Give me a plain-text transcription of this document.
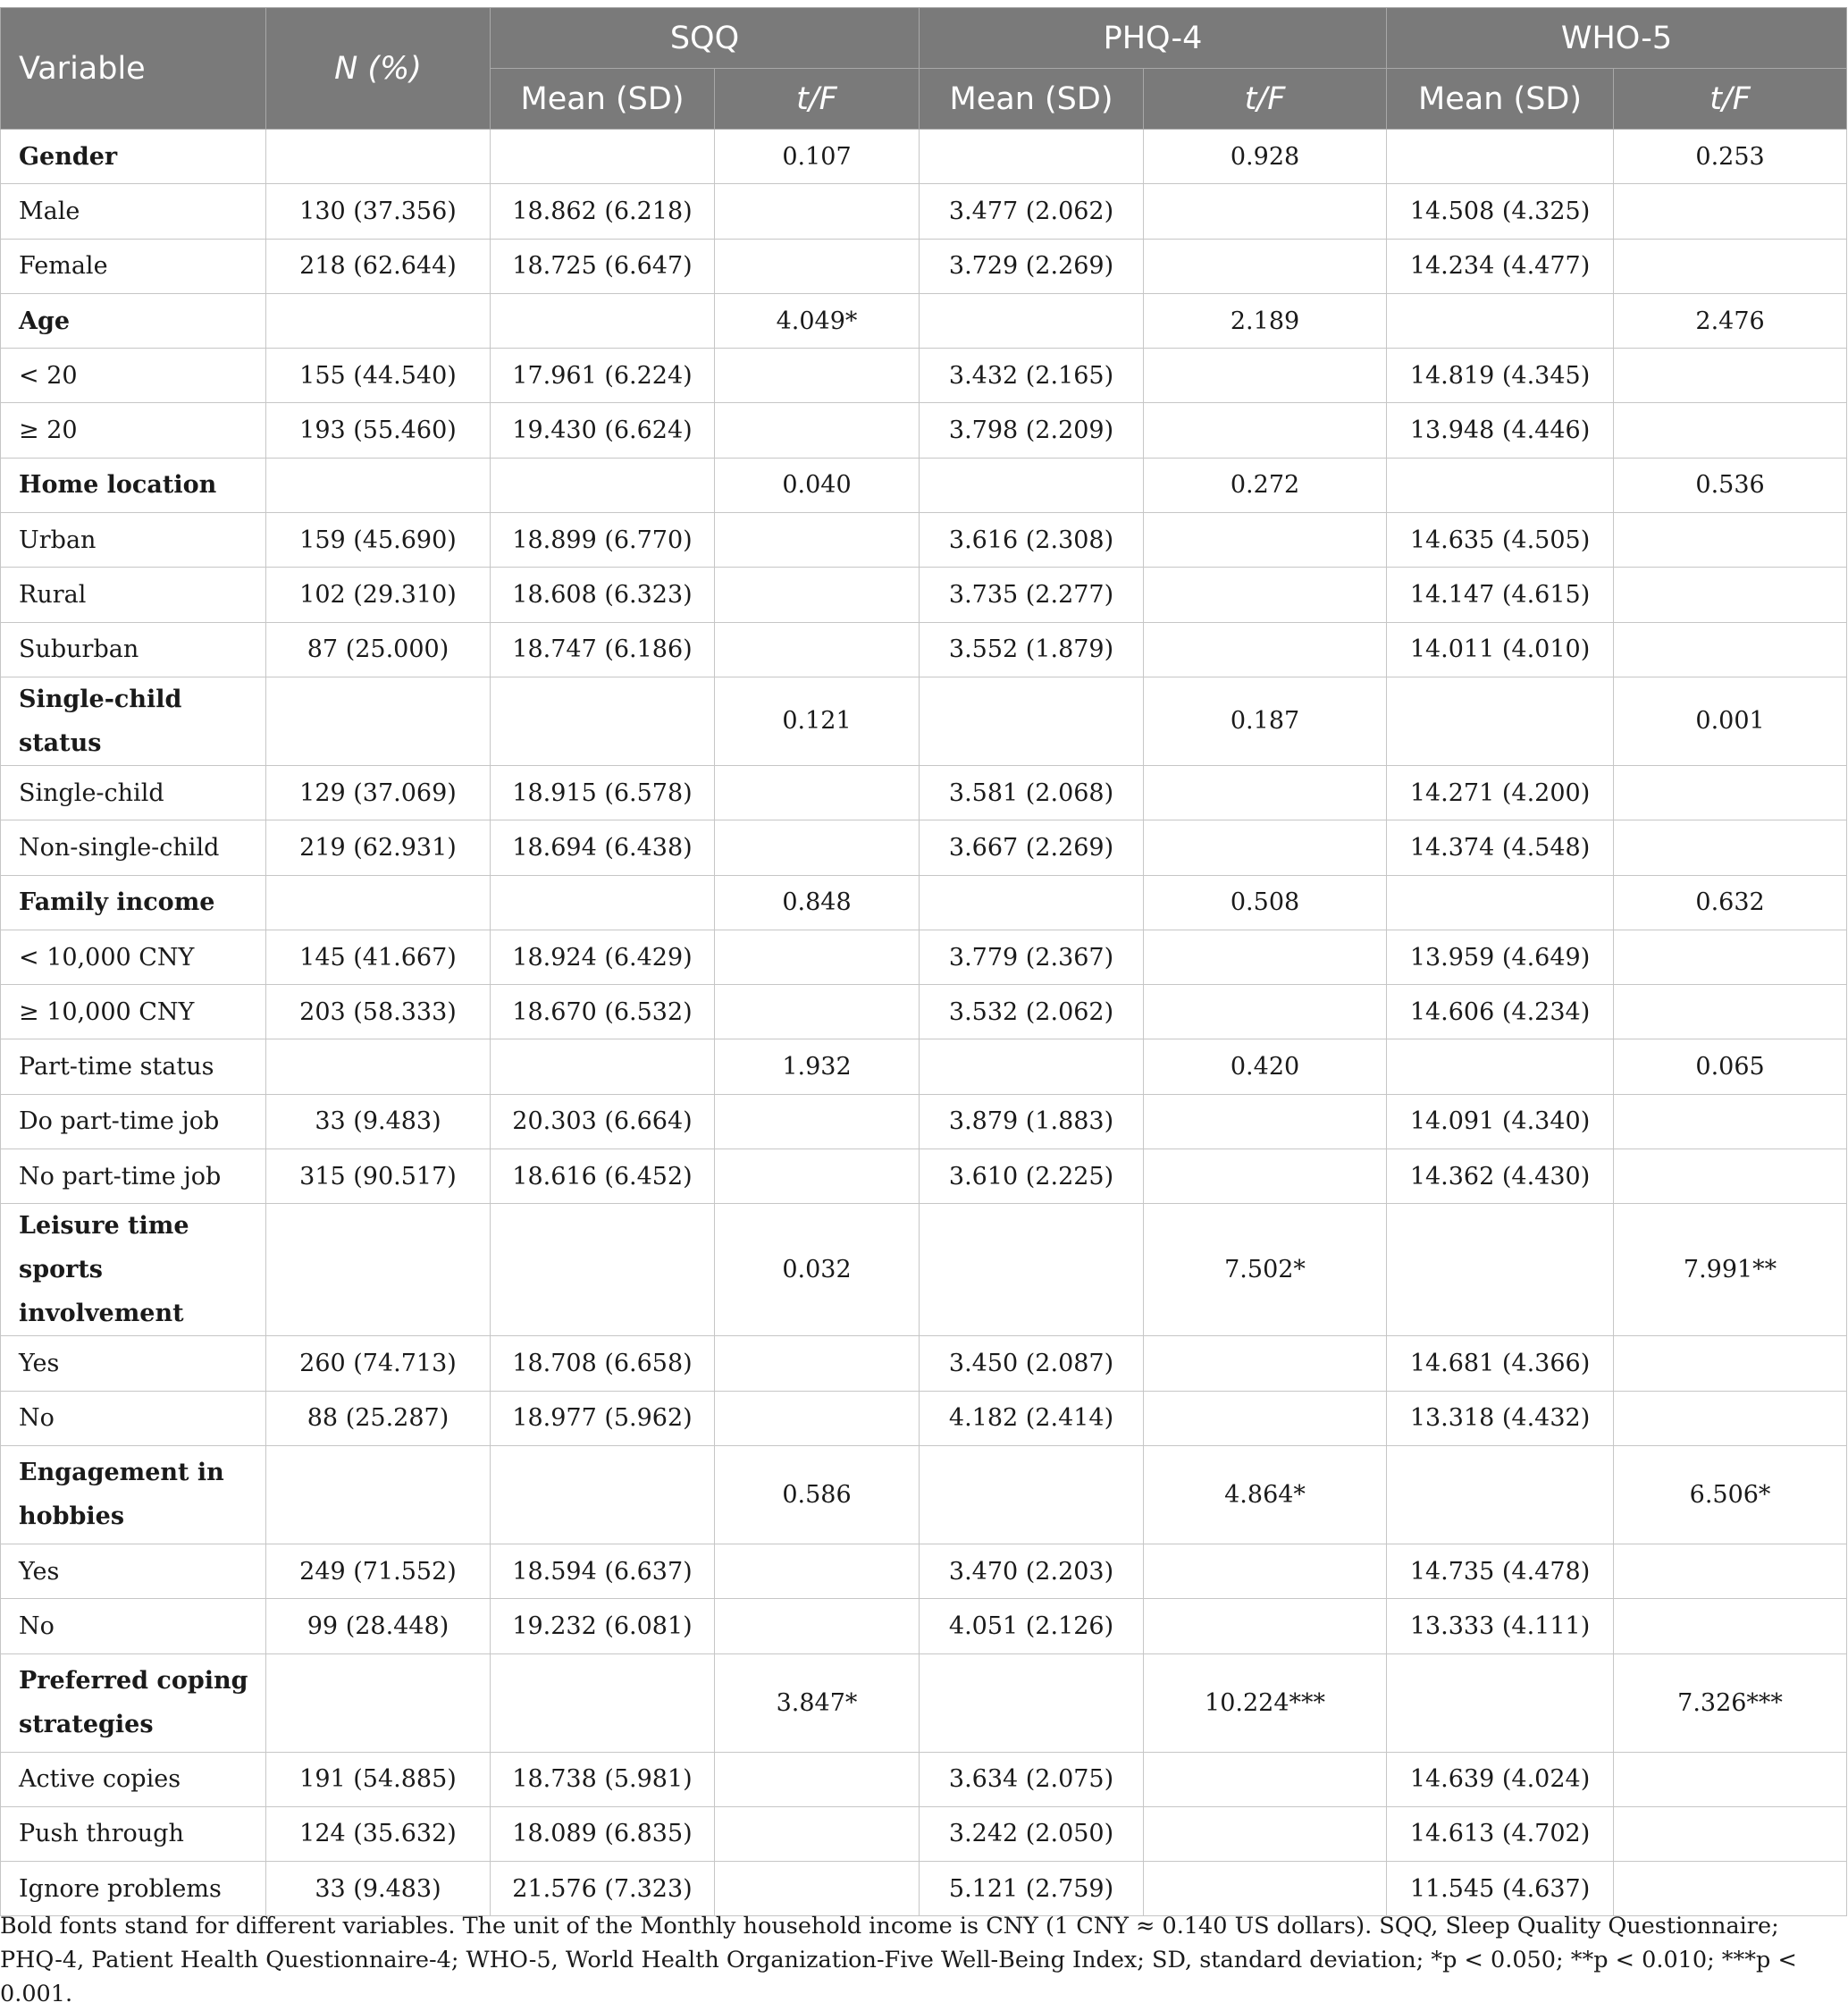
Variable	N (%)	SQQ		PHQ-4		WHO-5	
		Mean (SD)	t/F	Mean (SD)	t/F	Mean (SD)	t/F
Gender			0.107		0.928		0.253
Male	130 (37.356)	18.862 (6.218)		3.477 (2.062)		14.508 (4.325)	
Female	218 (62.644)	18.725 (6.647)		3.729 (2.269)		14.234 (4.477)	
Age			4.049*		2.189		2.476
< 20	155 (44.540)	17.961 (6.224)		3.432 (2.165)		14.819 (4.345)	
≥ 20	193 (55.460)	19.430 (6.624)		3.798 (2.209)		13.948 (4.446)	
Home location			0.040		0.272		0.536
Urban	159 (45.690)	18.899 (6.770)		3.616 (2.308)		14.635 (4.505)	
Rural	102 (29.310)	18.608 (6.323)		3.735 (2.277)		14.147 (4.615)	
Suburban	87 (25.000)	18.747 (6.186)		3.552 (1.879)		14.011 (4.010)	
Single-child status			0.121		0.187		0.001
Single-child	129 (37.069)	18.915 (6.578)		3.581 (2.068)		14.271 (4.200)	
Non-single-child	219 (62.931)	18.694 (6.438)		3.667 (2.269)		14.374 (4.548)	
Family income			0.848		0.508		0.632
< 10,000 CNY	145 (41.667)	18.924 (6.429)		3.779 (2.367)		13.959 (4.649)	
≥ 10,000 CNY	203 (58.333)	18.670 (6.532)		3.532 (2.062)		14.606 (4.234)	
Part-time status			1.932		0.420		0.065
Do part-time job	33 (9.483)	20.303 (6.664)		3.879 (1.883)		14.091 (4.340)	
No part-time job	315 (90.517)	18.616 (6.452)		3.610 (2.225)		14.362 (4.430)	
Leisure time sports involvement			0.032		7.502*		7.991**
Yes	260 (74.713)	18.708 (6.658)		3.450 (2.087)		14.681 (4.366)	
No	88 (25.287)	18.977 (5.962)		4.182 (2.414)		13.318 (4.432)	
Engagement in hobbies			0.586		4.864*		6.506*
Yes	249 (71.552)	18.594 (6.637)		3.470 (2.203)		14.735 (4.478)	
No	99 (28.448)	19.232 (6.081)		4.051 (2.126)		13.333 (4.111)	
Preferred coping strategies			3.847*		10.224***		7.326***
Active copies	191 (54.885)	18.738 (5.981)		3.634 (2.075)		14.639 (4.024)	
Push through	124 (35.632)	18.089 (6.835)		3.242 (2.050)		14.613 (4.702)	
Ignore problems	33 (9.483)	21.576 (7.323)		5.121 (2.759)		11.545 (4.637)	
Bold fonts stand for different variables. The unit of the Monthly household income is CNY (1 CNY ≈ 0.140 US dollars). SQQ, Sleep Quality Questionnaire; PHQ-4, Patient Health Questionnaire-4; WHO-5, World Health Organization-Five Well-Being Index; SD, standard deviation; *p < 0.050; **p < 0.010; ***p < 0.001.
